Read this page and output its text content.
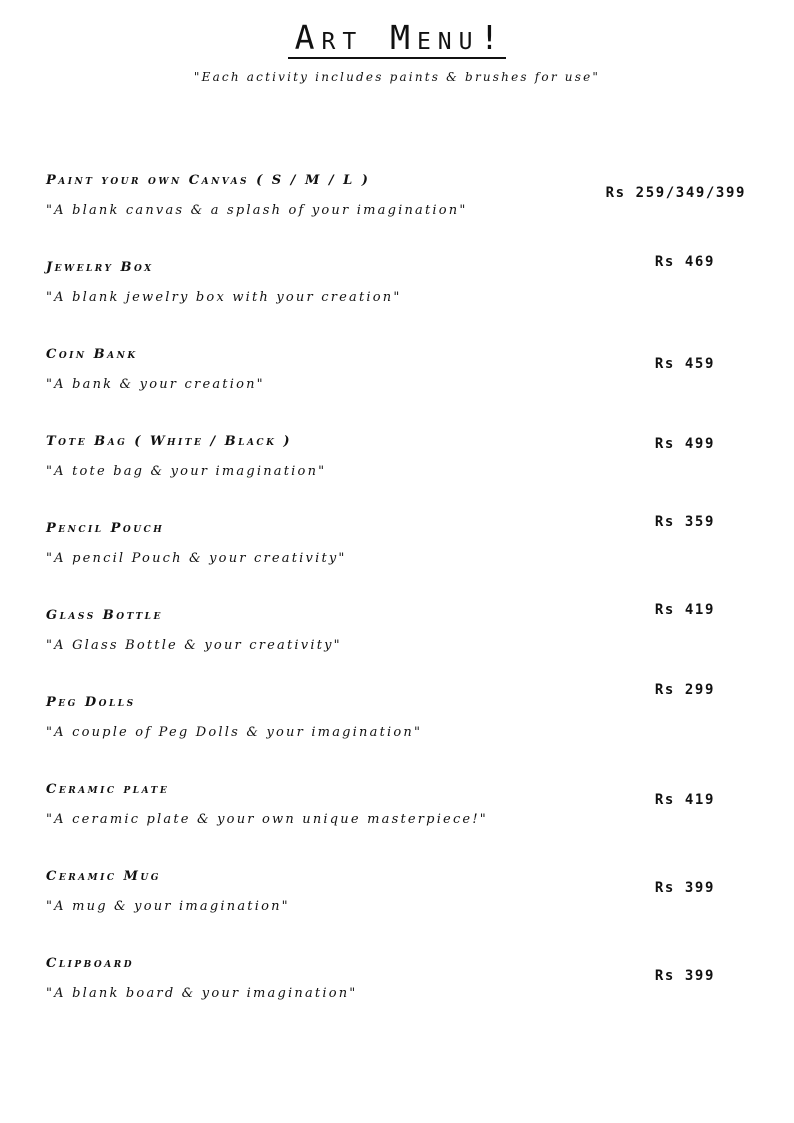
Art Menu!
"Each activity includes paints & brushes for use"
Paint your own Canvas ( S / M / L )
"A blank canvas & a splash of your imagination"
Rs 259/349/399
Jewelry Box
"A blank jewelry box with your creation"
Rs 469
Coin Bank
"A bank & your creation"
Rs 459
Tote Bag ( White / Black )
"A tote bag & your imagination"
Rs 499
Pencil Pouch
"A pencil Pouch & your creativity"
Rs 359
Glass Bottle
"A Glass Bottle & your creativity"
Rs 419
Peg Dolls
"A couple of Peg Dolls & your imagination"
Rs 299
Ceramic plate
"A ceramic plate & your own unique masterpiece!"
Rs 419
Ceramic Mug
"A mug & your imagination"
Rs 399
Clipboard
"A blank board & your imagination"
Rs 399
